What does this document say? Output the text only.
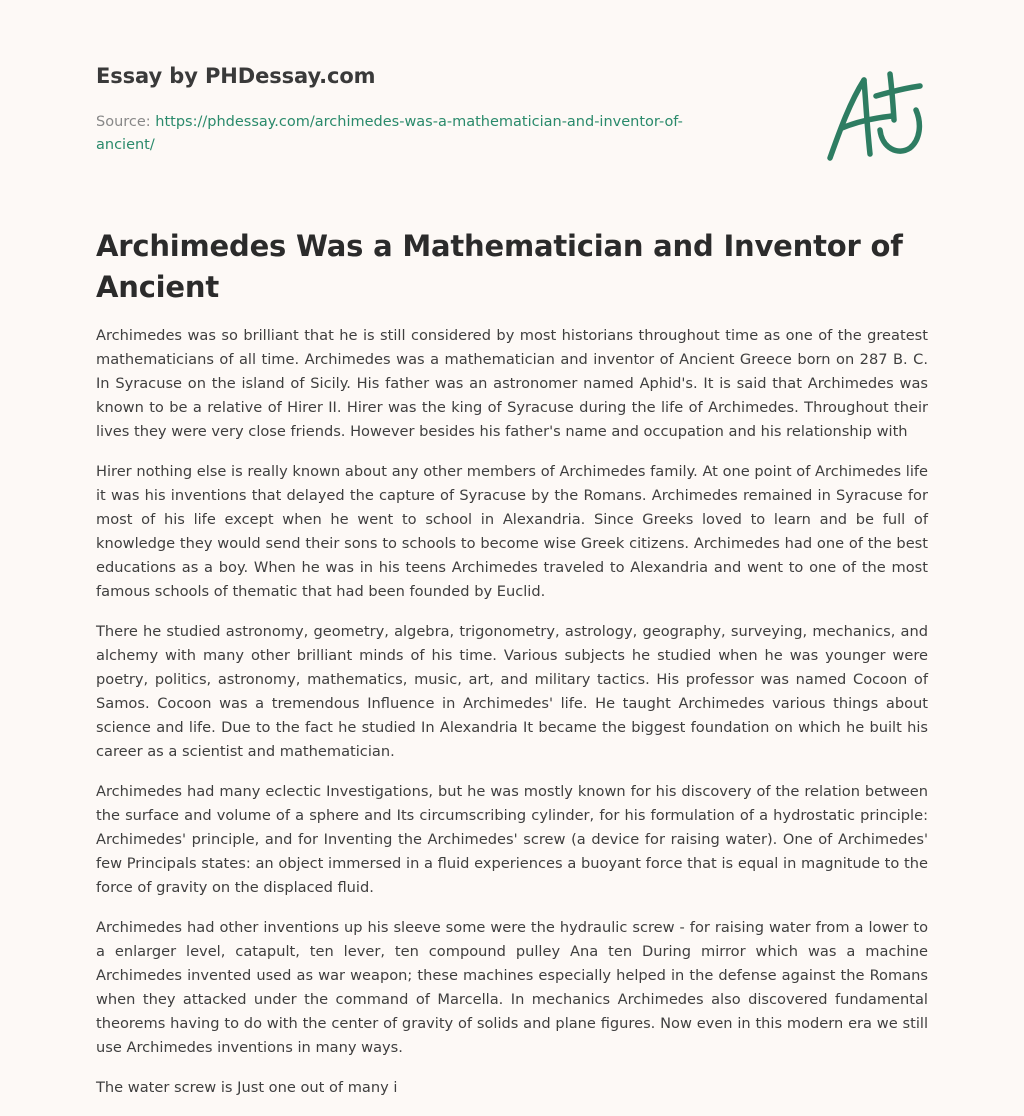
Essay by PHDessay.com
Source: https://phdessay.com/archimedes-was-a-mathematician-and-inventor-of-ancient/
Archimedes Was a Mathematician and Inventor of Ancient

Archimedes was so brilliant that he is still considered by most historians throughout time as one of the greatest mathematicians of all time. Archimedes was a mathematician and inventor of Ancient Greece born on 287 B. C. In Syracuse on the island of Sicily. His father was an astronomer named Aphid's. It is said that Archimedes was known to be a relative of Hirer II. Hirer was the king of Syracuse during the life of Archimedes. Throughout their lives they were very close friends. However besides his father's name and occupation and his relationship with

Hirer nothing else is really known about any other members of Archimedes family. At one point of Archimedes life it was his inventions that delayed the capture of Syracuse by the Romans. Archimedes remained in Syracuse for most of his life except when he went to school in Alexandria. Since Greeks loved to learn and be full of knowledge they would send their sons to schools to become wise Greek citizens. Archimedes had one of the best educations as a boy. When he was in his teens Archimedes traveled to Alexandria and went to one of the most famous schools of thematic that had been founded by Euclid.

There he studied astronomy, geometry, algebra, trigonometry, astrology, geography, surveying, mechanics, and alchemy with many other brilliant minds of his time. Various subjects he studied when he was younger were poetry, politics, astronomy, mathematics, music, art, and military tactics. His professor was named Cocoon of Samos. Cocoon was a tremendous Influence in Archimedes' life. He taught Archimedes various things about science and life. Due to the fact he studied In Alexandria It became the biggest foundation on which he built his career as a scientist and mathematician.

Archimedes had many eclectic Investigations, but he was mostly known for his discovery of the relation between the surface and volume of a sphere and Its circumscribing cylinder, for his formulation of a hydrostatic principle: Archimedes' principle, and for Inventing the Archimedes' screw (a device for raising water). One of Archimedes' few Principals states: an object immersed in a fluid experiences a buoyant force that is equal in magnitude to the force of gravity on the displaced fluid.

Archimedes had other inventions up his sleeve some were the hydraulic screw - for raising water from a lower to a enlarger level, catapult, ten lever, ten compound pulley Ana ten During mirror which was a machine Archimedes invented used as war weapon; these machines especially helped in the defense against the Romans when they attacked under the command of Marcella. In mechanics Archimedes also discovered fundamental theorems having to do with the center of gravity of solids and plane figures. Now even in this modern era we still use Archimedes inventions in many ways.

The water screw is Just one out of many i
